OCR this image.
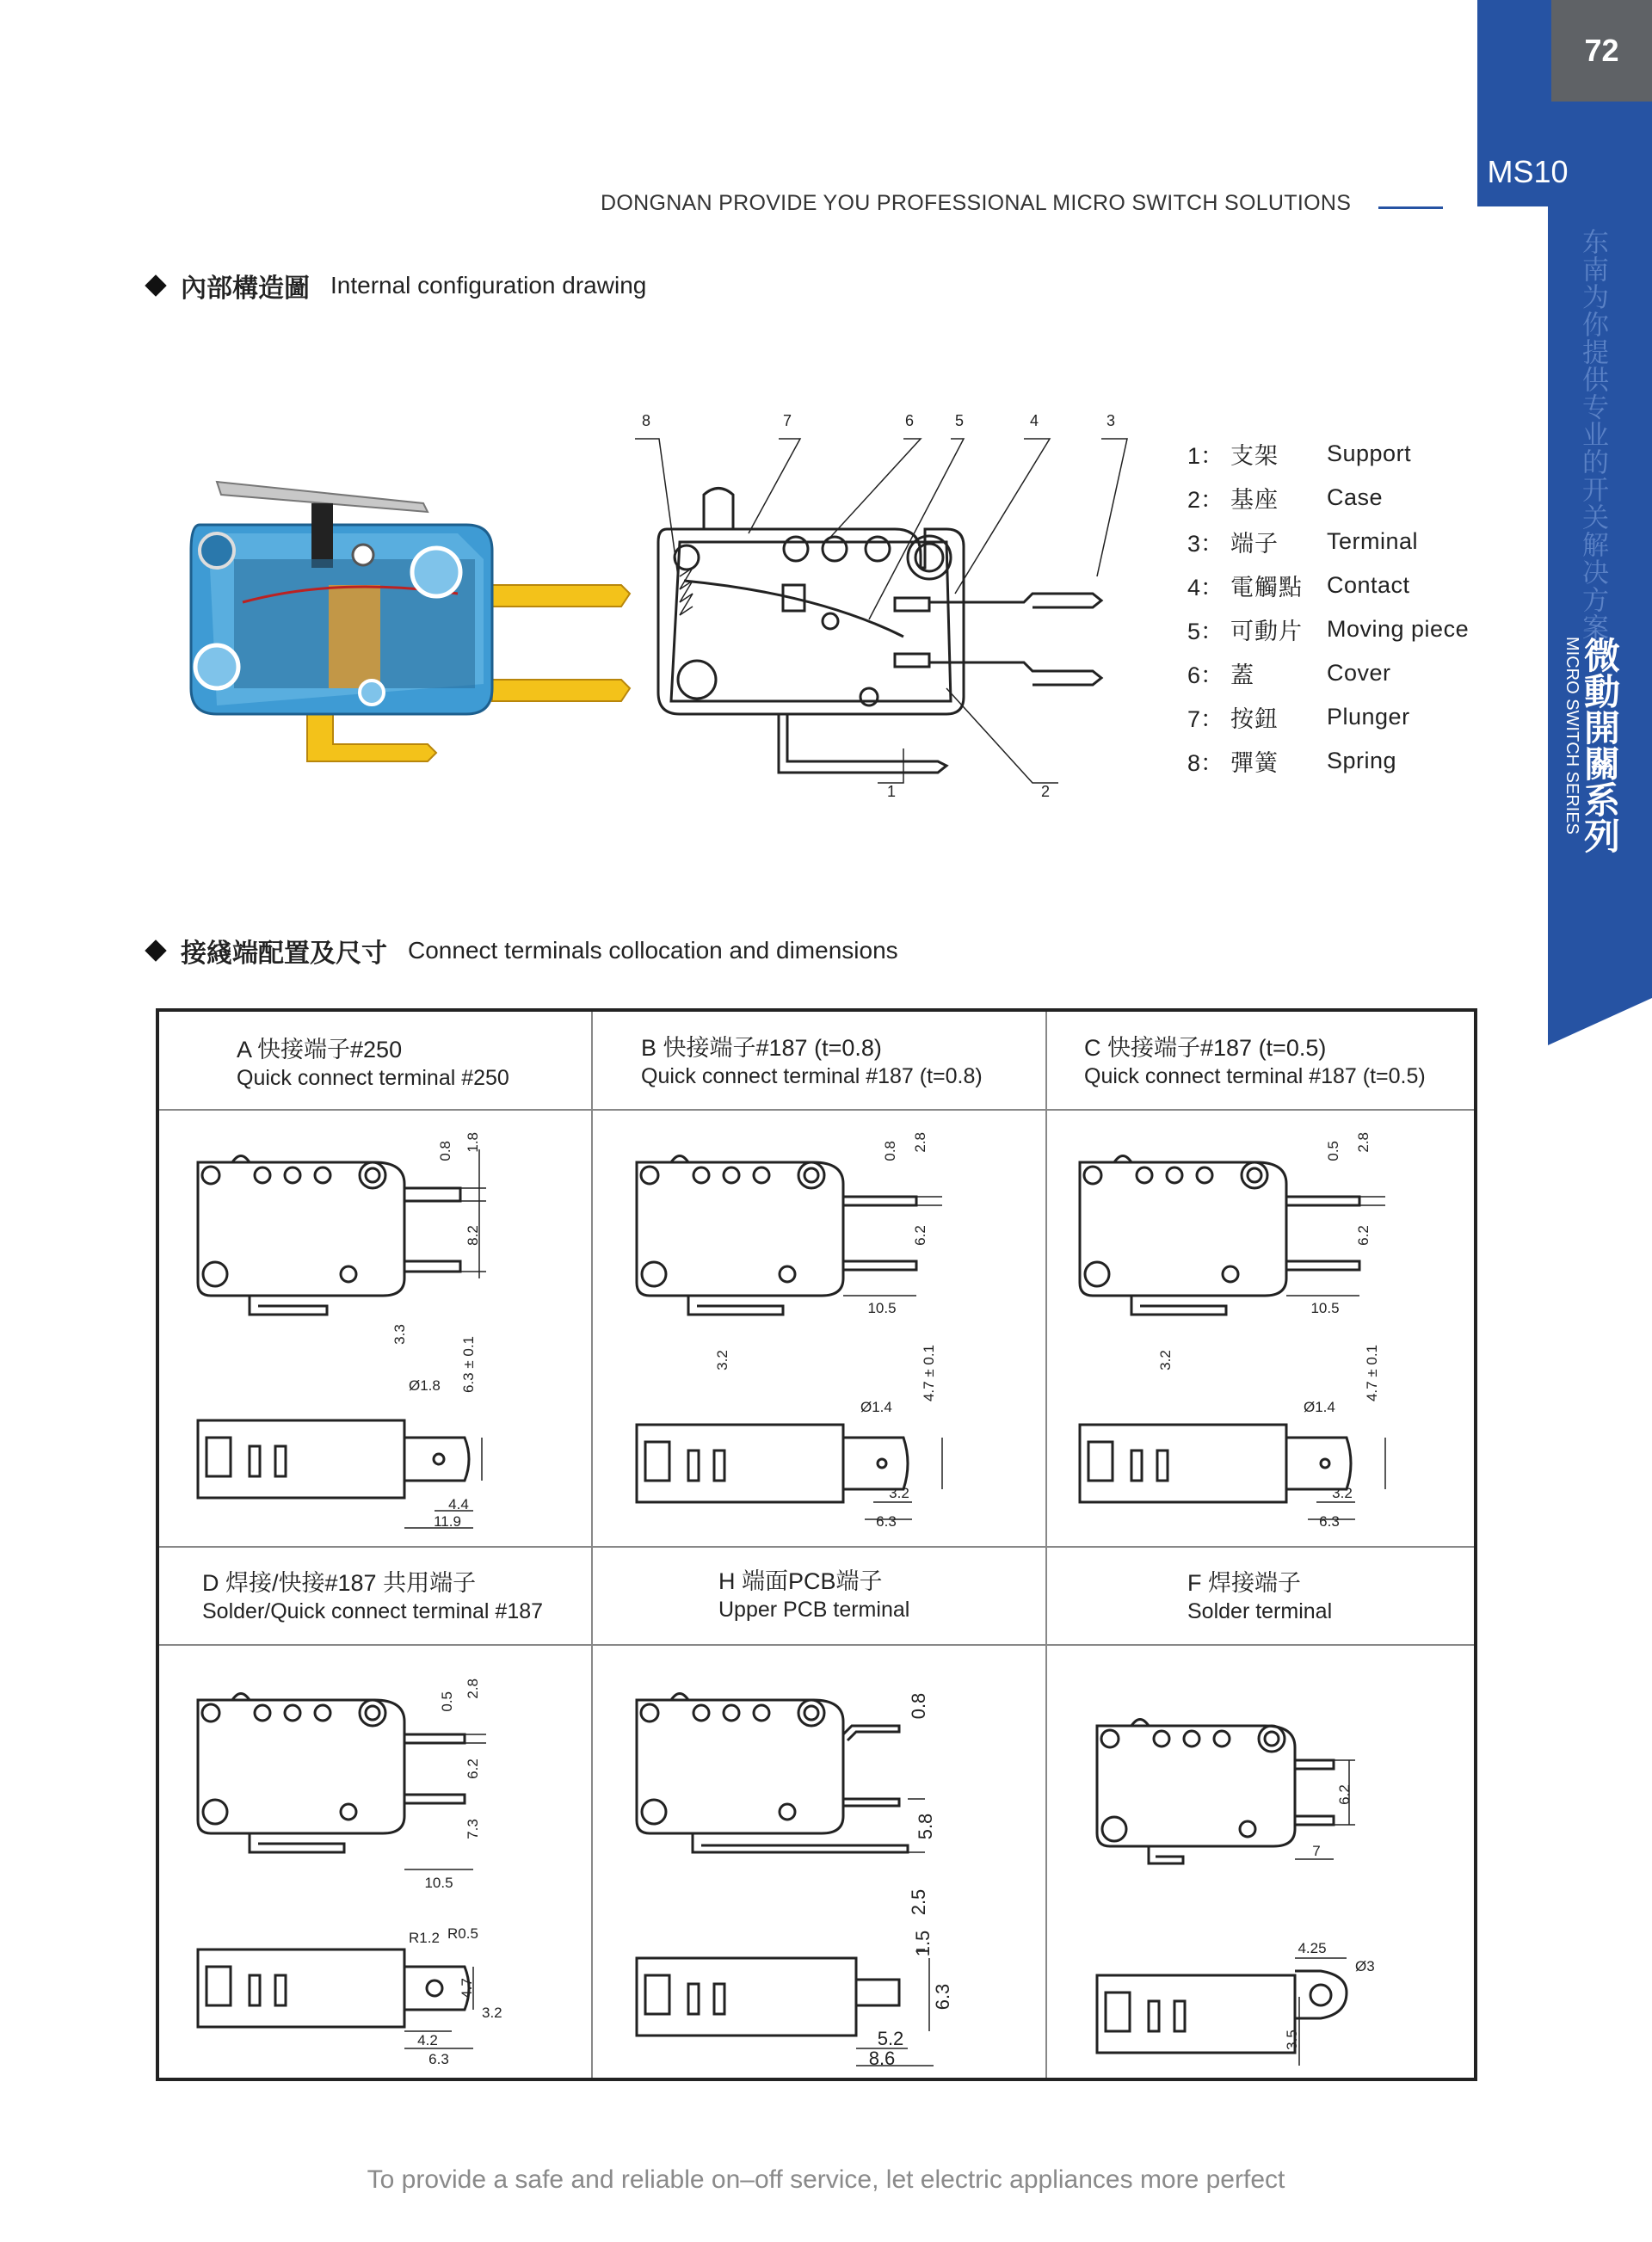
72
MS10
东南为你提供专业的开关解决方案
MICRO SWITCH SERIES
微動開關系列
DONGNAN PROVIDE YOU PROFESSIONAL MICRO SWITCH SOLUTIONS
內部構造圖 Internal configuration drawing
8	7	6	5	4	3
1	2
1： 支架	Support
2： 基座	Case
3： 端子	Terminal
4： 電觸點	Contact
5： 可動片	Moving piece
6： 蓋	Cover
7： 按鈕	Plunger
8： 彈簧	Spring
接綫端配置及尺寸 Connect terminals collocation and dimensions
A 快接端子#250
Quick connect terminal #250
B 快接端子#187 (t=0.8)
Quick connect terminal #187 (t=0.8)
C 快接端子#187 (t=0.5)
Quick connect terminal #187 (t=0.5)
D 焊接/快接#187 共用端子
Solder/Quick connect terminal #187
H 端面PCB端子
Upper PCB terminal
F 焊接端子
Solder terminal
0.8 1.8
8.2
3.3
6.3 ± 0.1
Ø1.8
4.4
11.9
0.8 2.8
6.2
10.5
3.2	4.7 ± 0.1
Ø1.4
3.2
6.3
0.5 2.8
6.2
10.5
3.2	4.7 ± 0.1
Ø1.4
3.2
6.3
0.5
2.8
6.2
7.3
10.5
R1.2 R0.5
4.7
3.2
4.2
6.3
0.8
5.8
2.5
1.5
6.3
5.2
8.6
6.2
7
4.25
Ø3
3.5
To provide a safe and reliable on–off service, let electric appliances more perfect
